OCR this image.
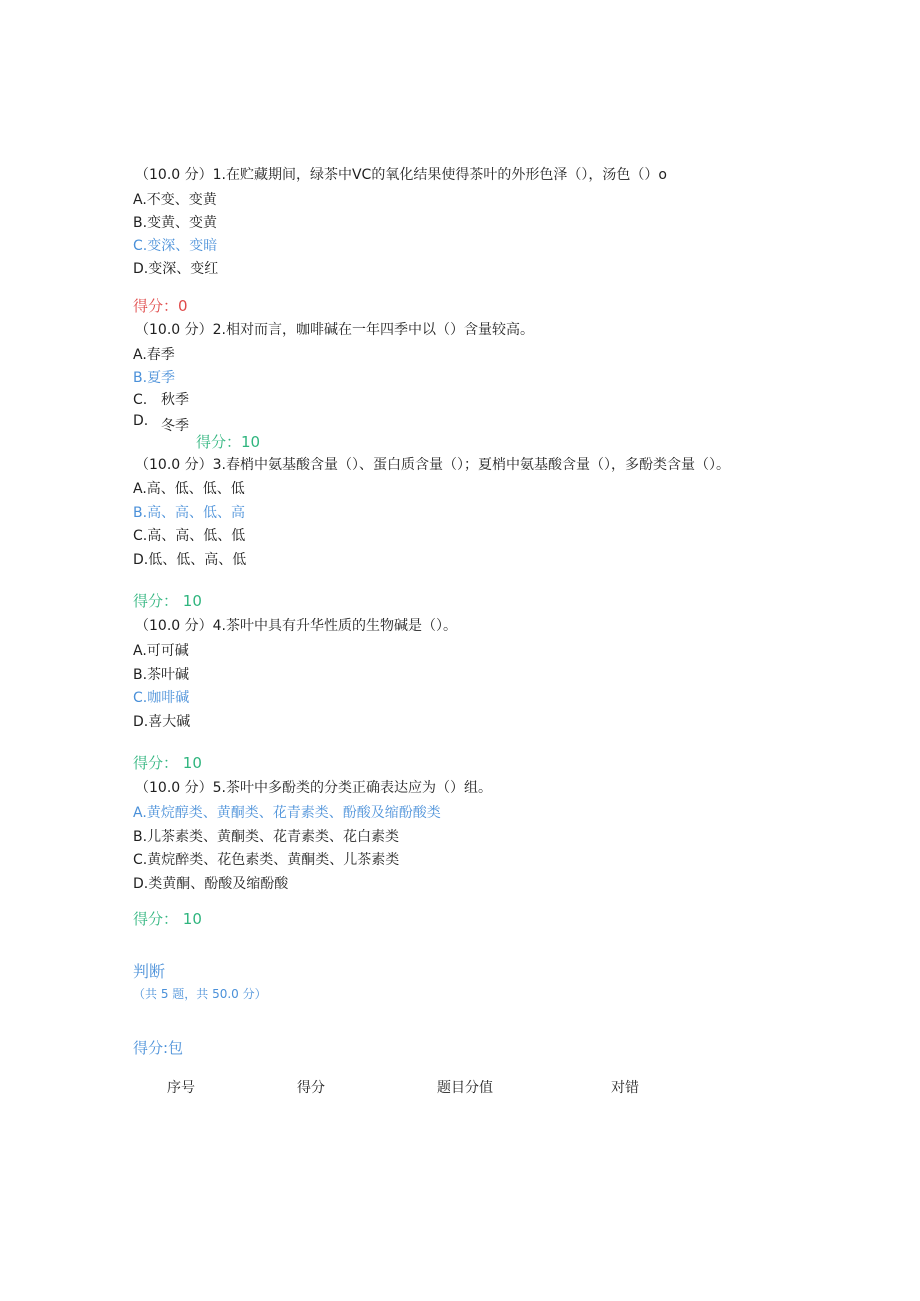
（10.0 分）1.在贮藏期间，绿茶中VC的氧化结果使得茶叶的外形色泽（），汤色（）o
A.不变、变黄
B.变黄、变黄
C.变深、变暗
D.变深、变红
得分：0
（10.0 分）2.相对而言，咖啡碱在一年四季中以（）含量较高。
A.春季
B.夏季
C. 秋季
D. 冬季
得分：10
（10.0 分）3.春梢中氨基酸含量（）、蛋白质含量（）；夏梢中氨基酸含量（），多酚类含量（）。
A.高、低、低、低
B.高、高、低、高
C.高、高、低、低
D.低、低、高、低
得分： 10
（10.0 分）4.茶叶中具有升华性质的生物碱是（）。
A.可可碱
B.茶叶碱
C.咖啡碱
D.喜大碱
得分： 10
（10.0 分）5.茶叶中多酚类的分类正确表达应为（）组。
A.黄烷醇类、黄酮类、花青素类、酚酸及缩酚酸类
B.儿茶素类、黄酮类、花青素类、花白素类
C.黄烷醉类、花色素类、黄酮类、儿茶素类
D.类黄酮、酚酸及缩酚酸
得分： 10
判断
（共 5 题，共 50.0 分）
得分:包
序号	得分	题目分值	对错
